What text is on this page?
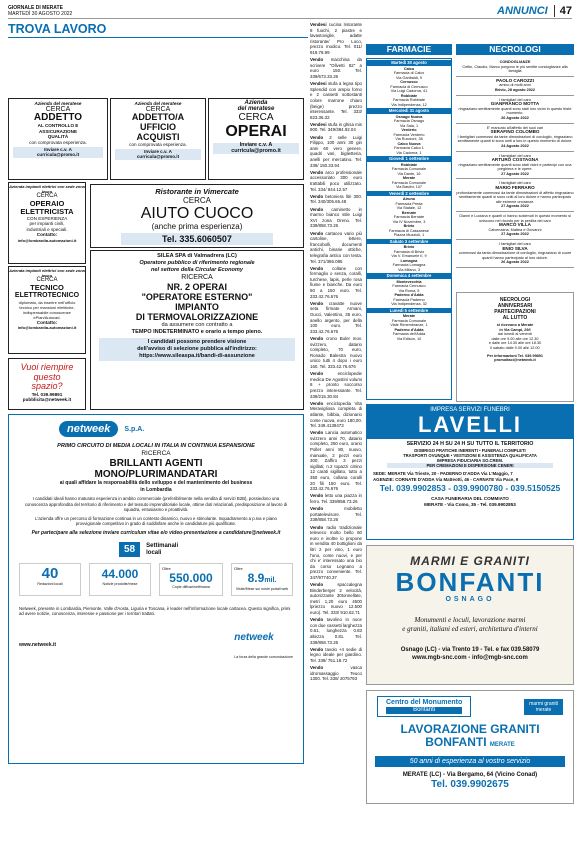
GIORNALE DI MERATE
MARTEDÌ 30 AGOSTO 2022	ANNUNCI	47
TROVA LAVORO

Azienda del meratese

CERCA

ADDETTO

AL CONTROLLO E

ASSICURAZIONE

QUALITÀ

con comprovata esperienza.

Inviare c.v. A

curricula@promo.it

Azienda del meratese

CERCA

ADDETTO/A

UFFICIO

ACQUISTI

con comprovata esperienza.

Inviare c.v. A

curricula@promo.it

Azienda

del meratese

CERCA

OPERAI

Inviare c.v. A

curricula@promo.it

Azienda impianti elettrici con sede zona lecco

CERCA

OPERAIO

ELETTRICISTA

CON ESPERIENZA

per impianti civili,

industriali e speciali.

Contatto:

info@lombardia-automazioni.it

Azienda impianti elettrici con sede zona lecco

CERCA

TECNICO

ELETTROTECNICO

diplomato, da inserire nell'ufficio

tecnico per mansioni elettriche,

indispensabile conoscenze

ePlan/Autocad.

Contatto:

info@lombardia-automazioni.it

Vuoi riempire

questo

spazio?

Tel. 039.99891

pubblicita@netweek.it

Ristorante in Vimercate

CERCA

AIUTO CUOCO

(anche prima esperienza)

Tel. 335.6060507

SILEA SPA di Valmadrera (LC)

Operatore pubblico di riferimento regionale

nel settore della Circular Economy

RICERCA

NR. 2 OPERAI

"OPERATORE ESTERNO"

IMPIANTO

DI TERMOVALORIZZAZIONE

da assumere con contratto a

TEMPO INDETERMINATO e orario a tempo pieno.

I candidati possono prendere visione

dell'avviso di selezione pubblica all'indirizzo:

https://www.sileaspa.it/bandi-di-assunzione

netweek	S.p.A.

PRIMO CIRCUITO DI MEDIA LOCALI IN ITALIA IN CONTINUA ESPANSIONE

RICERCA

BRILLANTI AGENTI

MONO/PLURIMANDATARI

ai quali affidare la responsabilità dello sviluppo e del mantenimento del business

in Lombardia

I candidati ideali hanno maturato esperienza in ambito commerciale (preferibilmente nella vendita di servizi B2B), possiedono una conoscenza approfondita del territorio di riferimento e del tessuto imprenditoriale locale, ottime doti relazionali, predisposizione al lavoro di squadra, entusiasmo e proattività.

L'azienda offre un percorso di formazione continua in un contesto dinamico, nuovo e stimolante. Inquadramento a p.Iva e piano provvigionale competitivo in grado di soddisfare anche le candidature più qualificate.

Per partecipare alla selezione inviare curriculum vitae e/o video-presentazione a candidature@netweek.it

58	Settimanali
locali

40

Redazioni locali

44.000

Notizie prodotte/mese

Oltre

550.000

Copie diffuse/settimana

Oltre

8.9mil.

Visite/Mese sui nostri portali web

Netweek, presente in Lombardia, Piemonte, Valle d'Aosta, Liguria e Toscana, è leader nell'informazione locale cartacea. Questo significa, primi ad avere notizie, conoscenza, interesse e passione per i territori trattati.

www.netweek.it
netweek
La forza della grande comunicazione

Vendesi cucina ristorante 8 fuochi, 2 piastre e lavastoviglie, adatte ristorante/ Pro Loco, prezzo modico. Tel. 011/ 919.78.99

Vendo macchina da scrivere "Olivetti 82" a euro 150. Tel. 339/673.33.26

Vendesi stufa a legna tipo Splendid con ampio forno e 2 cassetti sottostanti colore marrone chiaro (beige) prezzo interessante. Tel. 333/ 823.36.32

Vendesi stufa in ghisa mis 900. Tel. 349/384.92.04

Vendo 2 selle Luigi Filippo, 100 anni 30 gin anni 60 vero genere, quadri vari, biglietteria, anelli per mercatino. Tel. 339/ 150.33.94

Vendo arco professionale accessoriato 300 euro trattabili poco utilizzato. Tel. 334/ 844.12.57

Vendo betoniera litri 300. Tel. 340/305.66.48

Vendo caminetto in marmo bianco stile Luigi XVI zona Oreno. Tel. 339/858.73.26

Vendo cartaceo vario più cartoline, lettere, francobolli, documenti antichi, binarie ottiche, telegrafia antico con testa. Tel. 371/386.085

Vendo collane con fermaglio o senza, coralli, turchese, lapis, perle rosa fiume e bianche. Da euro 50 a 150 euro. Tel. 333.42.76.676

Vendo cravatte nuove seta firmate Armani, Gucci, Valentino, 35 euro, anello argento, per della 100 euro. Tel. 333.42.76.676

Vendo crono Buler mov. svizzero, datario completo, 70 euro, Ronado Balestra nuovo unico tutti 4 dopo i euro 160. Tel. 333.42.76.676

Vendo enciclopedie medica De Agostini volumi 8 + pronto soccorso prezzo interessante. Tel. 339/215.30.84

Vendo enciclopedia Vita Meravigliosa completa di atlante, bibbia, dizionario come nuova, euro 180,00. Tel. 349.4139473

Vendo Lancia automatico svizzero anni 70, datario completo, 250 euro, orario Pollet anni 80, nuovo, manuale, 2 pezzi euro 300; Zaffiro 3 pezzi sigillati; n.2 topazzi citrino 12 carati sigillato, tutto a 350 euro, collana coralli 20 fili 150 euro. Tel. 333.42.76.676

Vendo letto una piazza in ferro. Tel. 339/858.73.26

Vendo mobiletto portatelevisore. Tel. 339/858.73.26

Vendo radio tradizionale televeco molto bello 60 euro e inoltre io propone in vendita 40 bottiglioni da litri 2 per vino, 1 euro l'uno, come nuovi, e per chi e' interessato una bio da corso Legnano a prezzo conveniente. Tel. 347/97740.37

Vendo spaccalegna Binderberger 2 velocità, autorizzante 30tonnellate, metri 1,20 euro 4500 lpriezzo nuovo 12.500 euro). Tel. 333/ 910.62.71

Vendo tavolino in noce con due cassetti larghezza 0.61, lunghezza 0.83 altezza 0.81. Tel. 339/858.73.26

Vendo tavolo +4 sedie di legno ideale per giardino. Tel. 339/ 751.18.72

Vendo vasca idromassaggio Teuco 1300. Tel. 338/ 2075793

FARMACIE
Martedì 30 agosto
Calco
Farmacia di Calco
Via Garibaldi, 9
Cernusco
Farmacia di Cernusco
Via Luigi Cadorna, 41
Robbiate
Farmacia Robbiate
Via Indipendenza, 12
Mercoledì 31 agosto
Osnago Nuova
Farmacia Osnago
Via Sala, 1
Verderio
Farmacia Verderio
Via Ruccioni, 36
Calco Nuova
Farmacia Calco 1
Via Cadorna, 1
Giovedì 1 settembre
Robbiate
Farmacia Comunale
Via Dante, 16
Merate
Farmacia Comunale
Via Baslini, 107
Venerdì 2 settembre
Airuno
Farmacia Preda
Via Statale, 12
Bernate
Farmacia Bernate
Via IV Novembre, 3
Brivio
Farmacia di Cassanese
Piazza Muzzioli, 1
Sabato 3 settembre
Brivio
Farmacia di Brivio
Via V. Emanuele II, 9
Lomagna
Farmacia Lomagna
Via Milano, 3
Domenica 4 settembre
Montevecchia
Farmacia Cernusco
Via Roma, 5
Paderno d'Adda
Farmacia Paderno
Via Indipendenza, 32
Lunedì 5 settembre
Merate
Farmacia Comunale
Viale Rimembranze, 1
Paderno d'Adda
Farmacia dell'Adda
Via Edison, 10
NECROLOGI
CONDOGLIANZE
Cettin, Claudio, Marco porgono le più sentite condoglianze alla famiglia
PAOLO CAROZZI
amico di molti anni
Brivio, 28 agosto 2022
I famigliari del caro
GIANFRANCO MOTTA
ringraziano sentitamente quanti sono stati loro vicini in questo triste momento.
26 Agosto 2022
E' mancato all'affetto dei suoi cari
SERAFINO COLOMBO
I famigliari commossi da tante dimostrazioni di cordoglio, ringraziano sentitamente quanti si sono uniti a loro in questo momento di dolore.
24 Agosto 2022
I famigliari del caro
ARTURO COSTAGNA
ringraziano sentitamente quanti sono stati vicini e partecipi con una preghiera e le opere.
27 Agosto 2022
I famigliari del caro
MARIO FERRARO
profondamente commossi da tante dimostrazioni di affetto ringraziano sentitamente quanti si sono uniti al loro dolore e hanno partecipato alle estreme onoranze.
27 Agosto 2022
Gianni e Luciana e quanti ci hanno sostenuti in questo momento si uniscono nel ricordo per la perdita del caro
MARCO VILLA
Calvenzana, Mattea e Giovanni
27 Agosto 2022
I famigliari del caro
ENIO SILVA
commossi da tanta dimostrazione di cordoglio, ringraziano di cuore quanti hanno partecipato al loro dolore.
26 Agosto 2022

NECROLOGI

ANNIVERSARI

PARTECIPAZIONI

AL LUTTO

si ricevono a Merate

in Via Campi, 29/l

dal lunedì al venerdì

dalle ore 9.00 alle ore 12.30

e dalle ore 14.30 alle ore 18.30

il sabato dalle 9.00 alle 12.00

Per informazioni Tel. 039.99891

promoitaci@netweek.it

IMPRESA SERVIZI FUNEBRI

LAVELLI

SERVIZIO 24 H SU 24 H SU TUTTO IL TERRITORIO

DISBRIGO PRATICHE INERENTI • FUNERALI COMPLETI

TRASPORTI OVUNQUE • VESTIZIONI E ASSISTENZA QUALIFICATA

IMPRESA FIDUCIARIA SO.CREM.

PER CREMAZIONI E DISPERSIONE CENERI

SEDE: MERATE Via Trieste, 20 - PADERNO D'ADDA Via L'Maggio, 7

AGENZIE: CORNATE D'ADDA Via Matteotti, 46 - CARNATE Via Pace, 9

Tel. 039.9902853 - 039.9900780 - 039.5150525

CASA FUNERARIA DEL COMMIATO

MERATE - Via Como, 35 - Tel. 039.9902853

MARMI E GRANITI

BONFANTI

OSNAGO

Monumenti e loculi, lavorazione marmi

e graniti, italiani ed esteri, architettura d'interni

Osnago (LC) - via Trento 19 - Tel. e fax 039.58079

www.mgb-snc.com - info@mgb-snc.com

Centro del Monumento

Bonfanti

marmi graniti

merate

LAVORAZIONE GRANITI

BONFANTI MERATE

50 anni di esperienza al vostro servizio

MERATE (LC) - Via Bergamo, 64 (Vicino Conad)

Tel. 039.9902675
